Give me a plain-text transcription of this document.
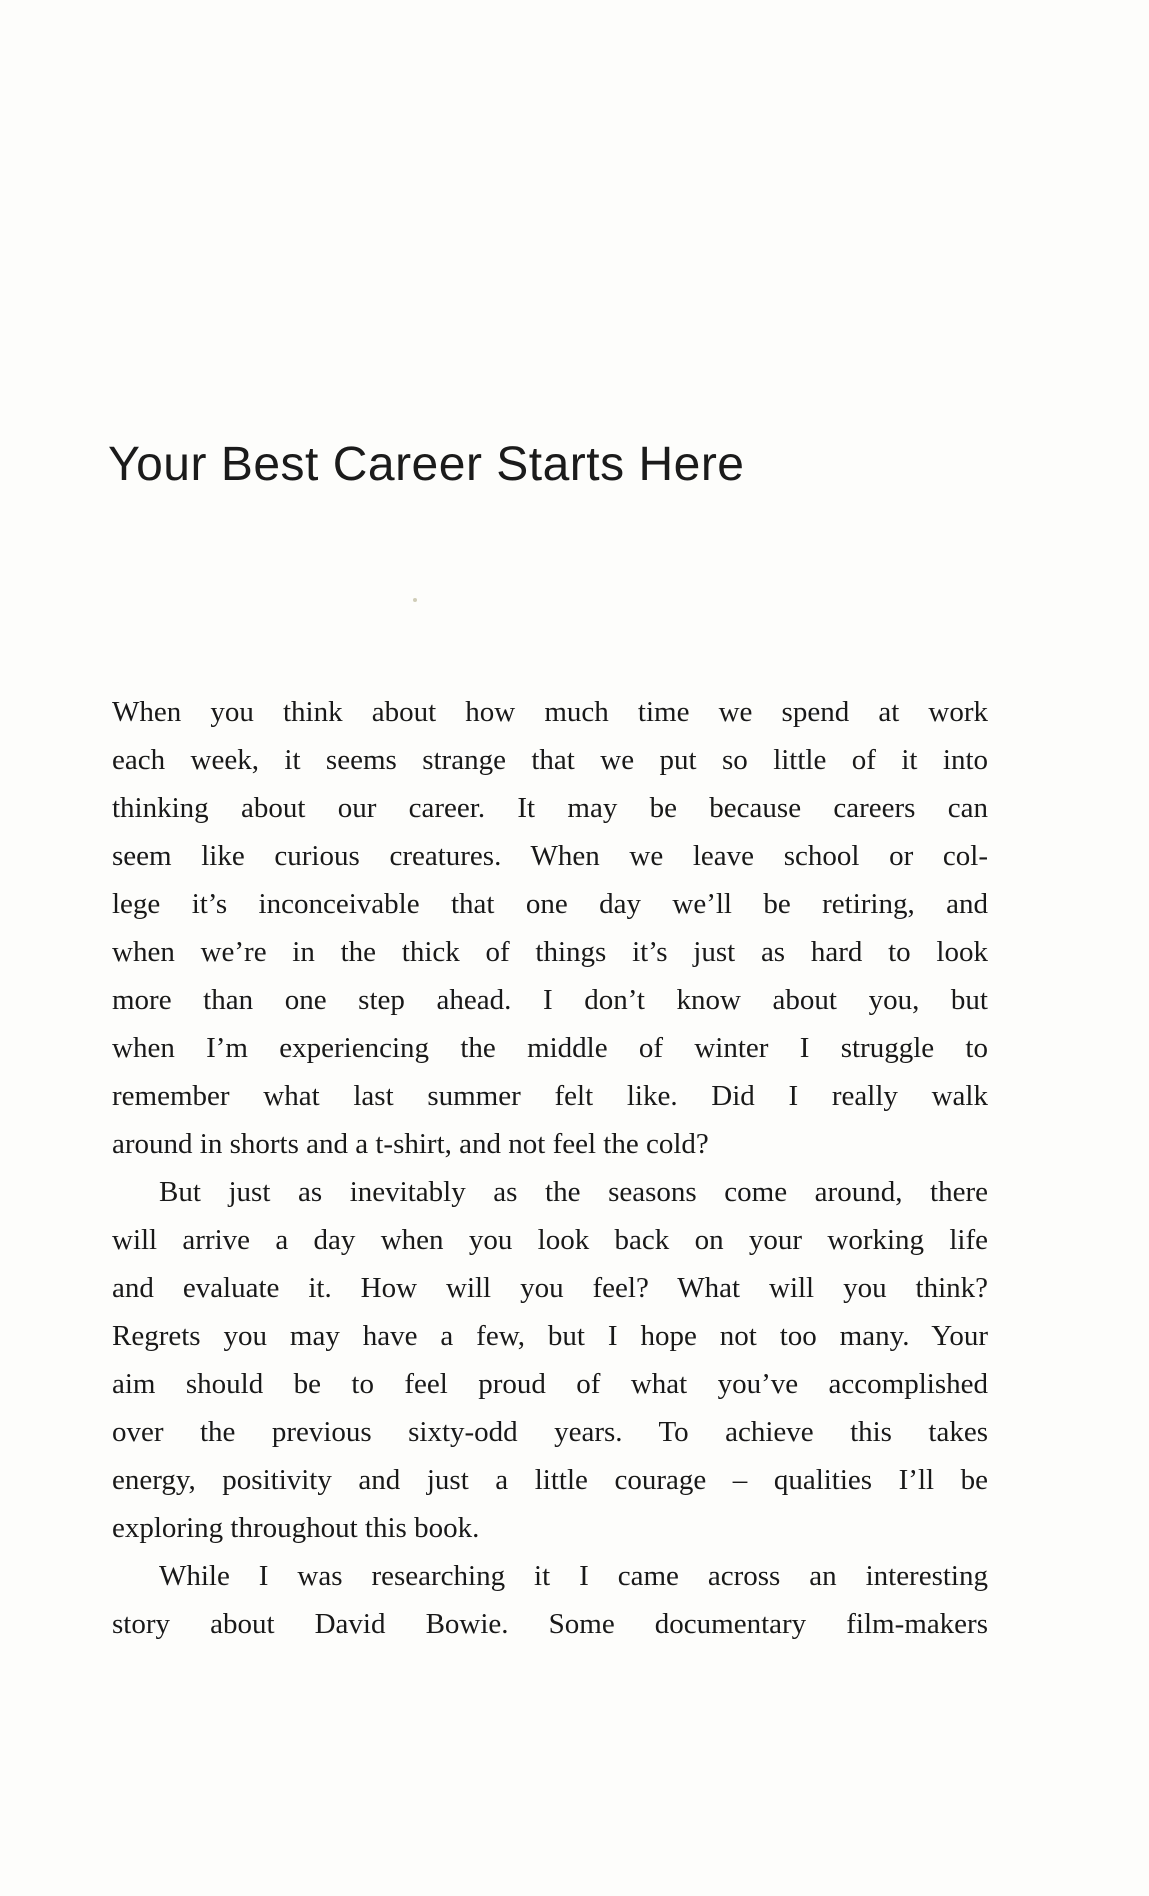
Your Best Career Starts Here
When you think about how much time we spend at work
each week, it seems strange that we put so little of it into
thinking about our career. It may be because careers can
seem like curious creatures. When we leave school or col-
lege it’s inconceivable that one day we’ll be retiring, and
when we’re in the thick of things it’s just as hard to look
more than one step ahead. I don’t know about you, but
when I’m experiencing the middle of winter I struggle to
remember what last summer felt like. Did I really walk
around in shorts and a t-shirt, and not feel the cold?
But just as inevitably as the seasons come around, there
will arrive a day when you look back on your working life
and evaluate it. How will you feel? What will you think?
Regrets you may have a few, but I hope not too many. Your
aim should be to feel proud of what you’ve accomplished
over the previous sixty-odd years. To achieve this takes
energy, positivity and just a little courage – qualities I’ll be
exploring throughout this book.
While I was researching it I came across an interesting
story about David Bowie. Some documentary film-makers
